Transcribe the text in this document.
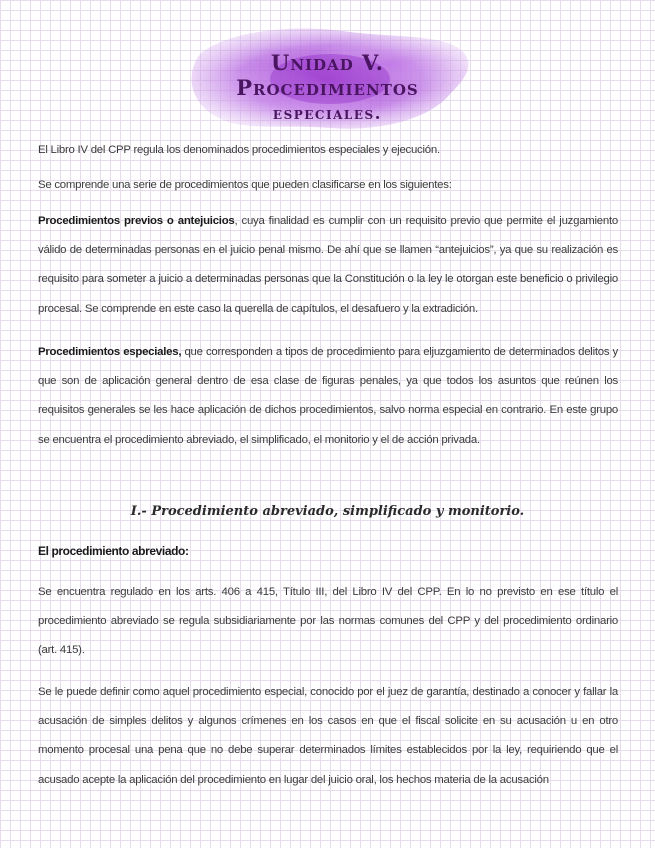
Unidad V. Procedimientos
especiales.
El Libro IV del CPP regula los denominados procedimientos especiales y ejecución.
Se comprende una serie de procedimientos que pueden clasificarse en los siguientes:
Procedimientos previos o antejuicios, cuya finalidad es cumplir con un requisito previo que permite el juzgamiento válido de determinadas personas en el juicio penal mismo. De ahí que se llamen “antejuicios”, ya que su realización es requisito para someter a juicio a determinadas personas que la Constitución o la ley le otorgan este beneficio o privilegio procesal. Se comprende en este caso la querella de capítulos, el desafuero y la extradición.
Procedimientos especiales, que corresponden a tipos de procedimiento para eljuzgamiento de determinados delitos y que son de aplicación general dentro de esa clase de figuras penales, ya que todos los asuntos que reúnen los requisitos generales se les hace aplicación de dichos procedimientos, salvo norma especial en contrario. En este grupo se encuentra el procedimiento abreviado, el simplificado, el monitorio y el de acción privada.
I.- Procedimiento abreviado, simplificado y monitorio.
El procedimiento abreviado:
Se encuentra regulado en los arts. 406 a 415, Título III, del Libro IV del CPP. En lo no previsto en ese título el procedimiento abreviado se regula subsidiariamente por las normas comunes del CPP y del procedimiento ordinario (art. 415).
Se le puede definir como aquel procedimiento especial, conocido por el juez de garantía, destinado a conocer y fallar la acusación de simples delitos y algunos crímenes en los casos en que el fiscal solicite en su acusación u en otro momento procesal una pena que no debe superar determinados límites establecidos por la ley, requiriendo que el acusado acepte la aplicación del procedimiento en lugar del juicio oral, los hechos materia de la acusación
